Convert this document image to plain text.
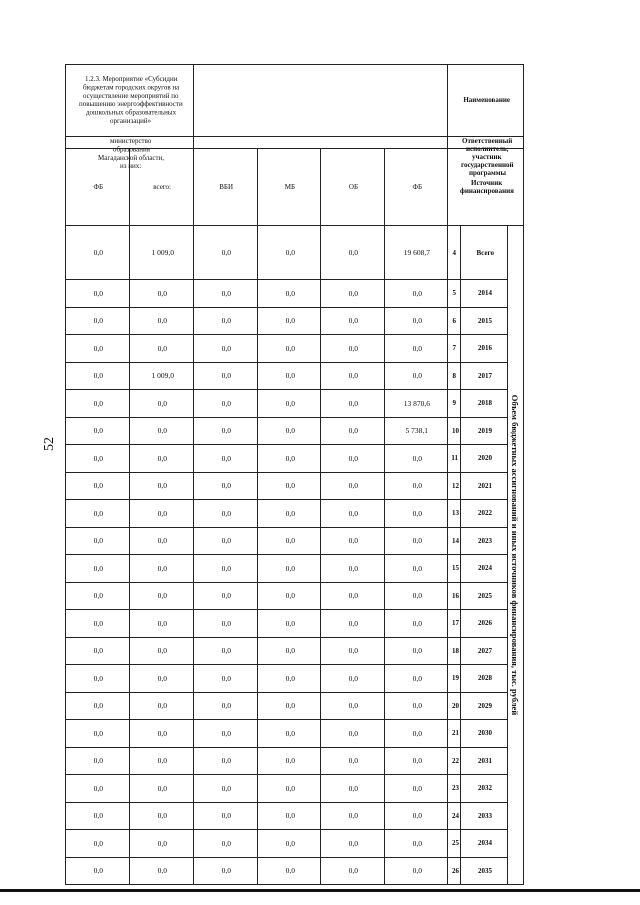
52
Наименование	Ответственный исполнитель, участник государственной программы	Источник финансирования	Объем бюджетных ассигнований и иных источников финансирования, тыс. рублей																						
			Всего	2014	2015	2016	2017	2018	2019	2020	2021	2022	2023	2024	2025	2026	2027	2028	2029	2030	2031	2032	2033	2034	2035
			4	5	6	7	8	9	10	11	12	13	14	15	16	17	18	19	20	21	22	23	24	25	26
		ФБ	19 608,7	0,0	0,0	0,0	0,0	13 870,6	5 738,1	0,0	0,0	0,0	0,0	0,0	0,0	0,0	0,0	0,0	0,0	0,0	0,0	0,0	0,0	0,0	0,0
		ОБ	0,0	0,0	0,0	0,0	0,0	0,0	0,0	0,0	0,0	0,0	0,0	0,0	0,0	0,0	0,0	0,0	0,0	0,0	0,0	0,0	0,0	0,0	0,0
		МБ	0,0	0,0	0,0	0,0	0,0	0,0	0,0	0,0	0,0	0,0	0,0	0,0	0,0	0,0	0,0	0,0	0,0	0,0	0,0	0,0	0,0	0,0	0,0
		ВБИ	0,0	0,0	0,0	0,0	0,0	0,0	0,0	0,0	0,0	0,0	0,0	0,0	0,0	0,0	0,0	0,0	0,0	0,0	0,0	0,0	0,0	0,0	0,0
1.2.3. Мероприятие «Субсидии бюджетам городских округов на осуществление мероприятий по повышению энергоэффективности дошкольных образовательных организаций»	министерство образования Магаданской области, из них:	всего:	1 009,0	0,0	0,0	0,0	1 009,0	0,0	0,0	0,0	0,0	0,0	0,0	0,0	0,0	0,0	0,0	0,0	0,0	0,0	0,0	0,0	0,0	0,0	0,0
		ФБ	0,0	0,0	0,0	0,0	0,0	0,0	0,0	0,0	0,0	0,0	0,0	0,0	0,0	0,0	0,0	0,0	0,0	0,0	0,0	0,0	0,0	0,0	0,0
